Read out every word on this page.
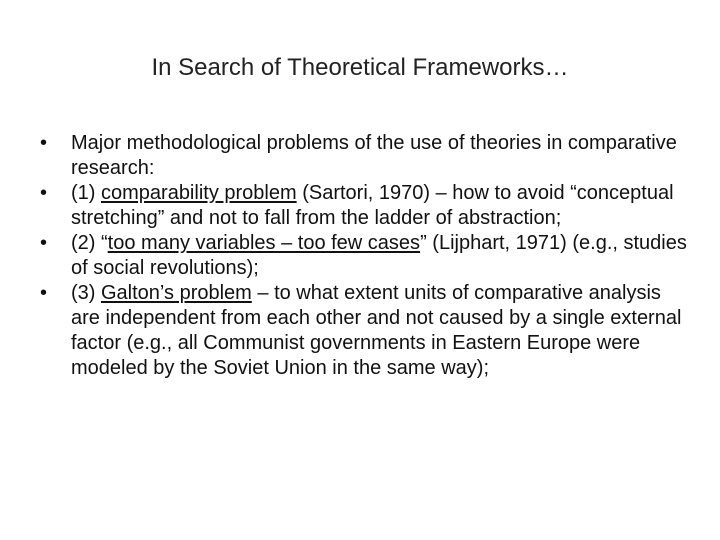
In Search of Theoretical Frameworks…
•	Major methodological problems of the use of theories in comparative research:
•	(1) comparability problem (Sartori, 1970) – how to avoid “conceptual stretching” and not to fall from the ladder of abstraction;
•	(2) “too many variables – too few cases” (Lijphart, 1971) (e.g., studies of social revolutions);
•	(3) Galton’s problem – to what extent units of comparative analysis are independent from each other and not caused by a single external factor (e.g., all Communist governments in Eastern Europe were modeled by the Soviet Union in the same way);
